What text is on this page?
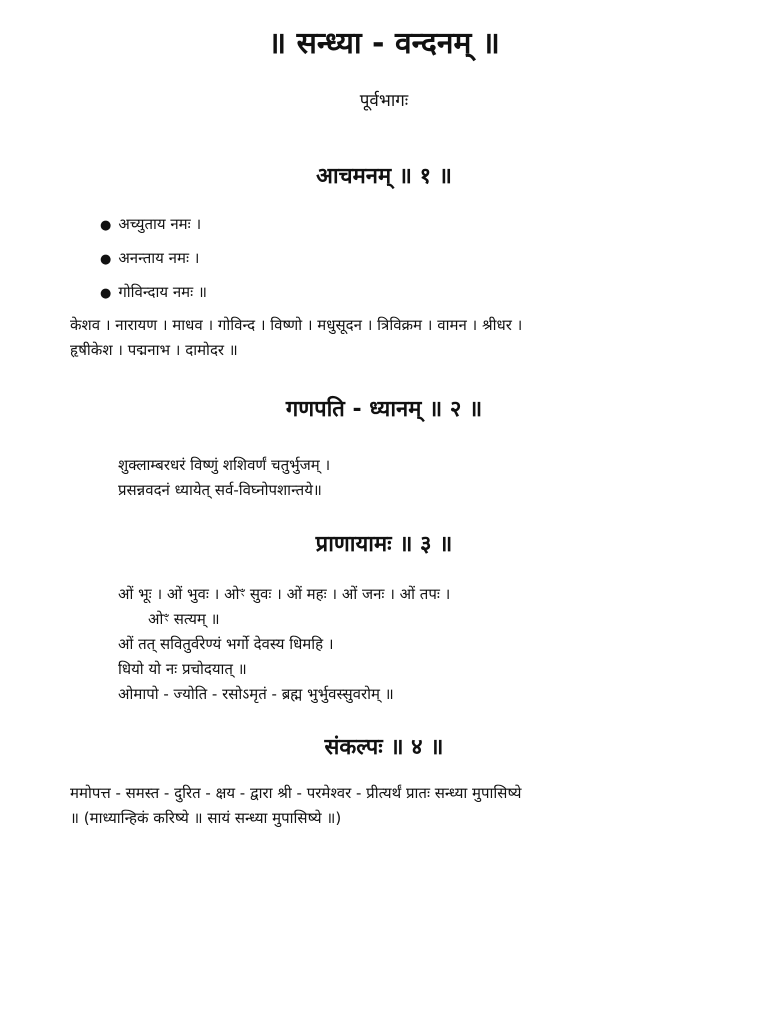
॥ सन्ध्या - वन्दनम् ॥
पूर्वभागः
आचमनम् ॥ १ ॥
● अच्युताय नमः ।
● अनन्ताय नमः ।
● गोविन्दाय नमः ॥
केशव । नारायण । माधव । गोविन्द । विष्णो । मधुसूदन । त्रिविक्रम । वामन । श्रीधर ।
हृषीकेश । पद्मनाभ । दामोदर ॥
गणपति - ध्यानम् ॥ २ ॥
शुक्लाम्बरधरं विष्णुं शशिवर्णं चतुर्भुजम् ।
प्रसन्नवदनं ध्यायेत् सर्व-विघ्नोपशान्तये॥
प्राणायामः ॥ ३ ॥
ओं भूः । ओं भुवः । ओꣳ सुवः । ओं महः । ओं जनः । ओं तपः ।
ओꣳ सत्यम् ॥
ओं तत् सवितुर्वरेण्यं भर्गो देवस्य धिमहि ।
धियो यो नः प्रचोदयात् ॥
ओमापो - ज्योति - रसोऽमृतं - ब्रह्म भुर्भुवस्सुवरोम् ॥
संकल्पः ॥ ४ ॥
ममोपत्त - समस्त - दुरित - क्षय - द्वारा श्री - परमेश्वर - प्रीत्यर्थं प्रातः सन्ध्या मुपासिष्ये
॥ (माध्यान्हिकं करिष्ये ॥ सायं सन्ध्या मुपासिष्ये ॥)
